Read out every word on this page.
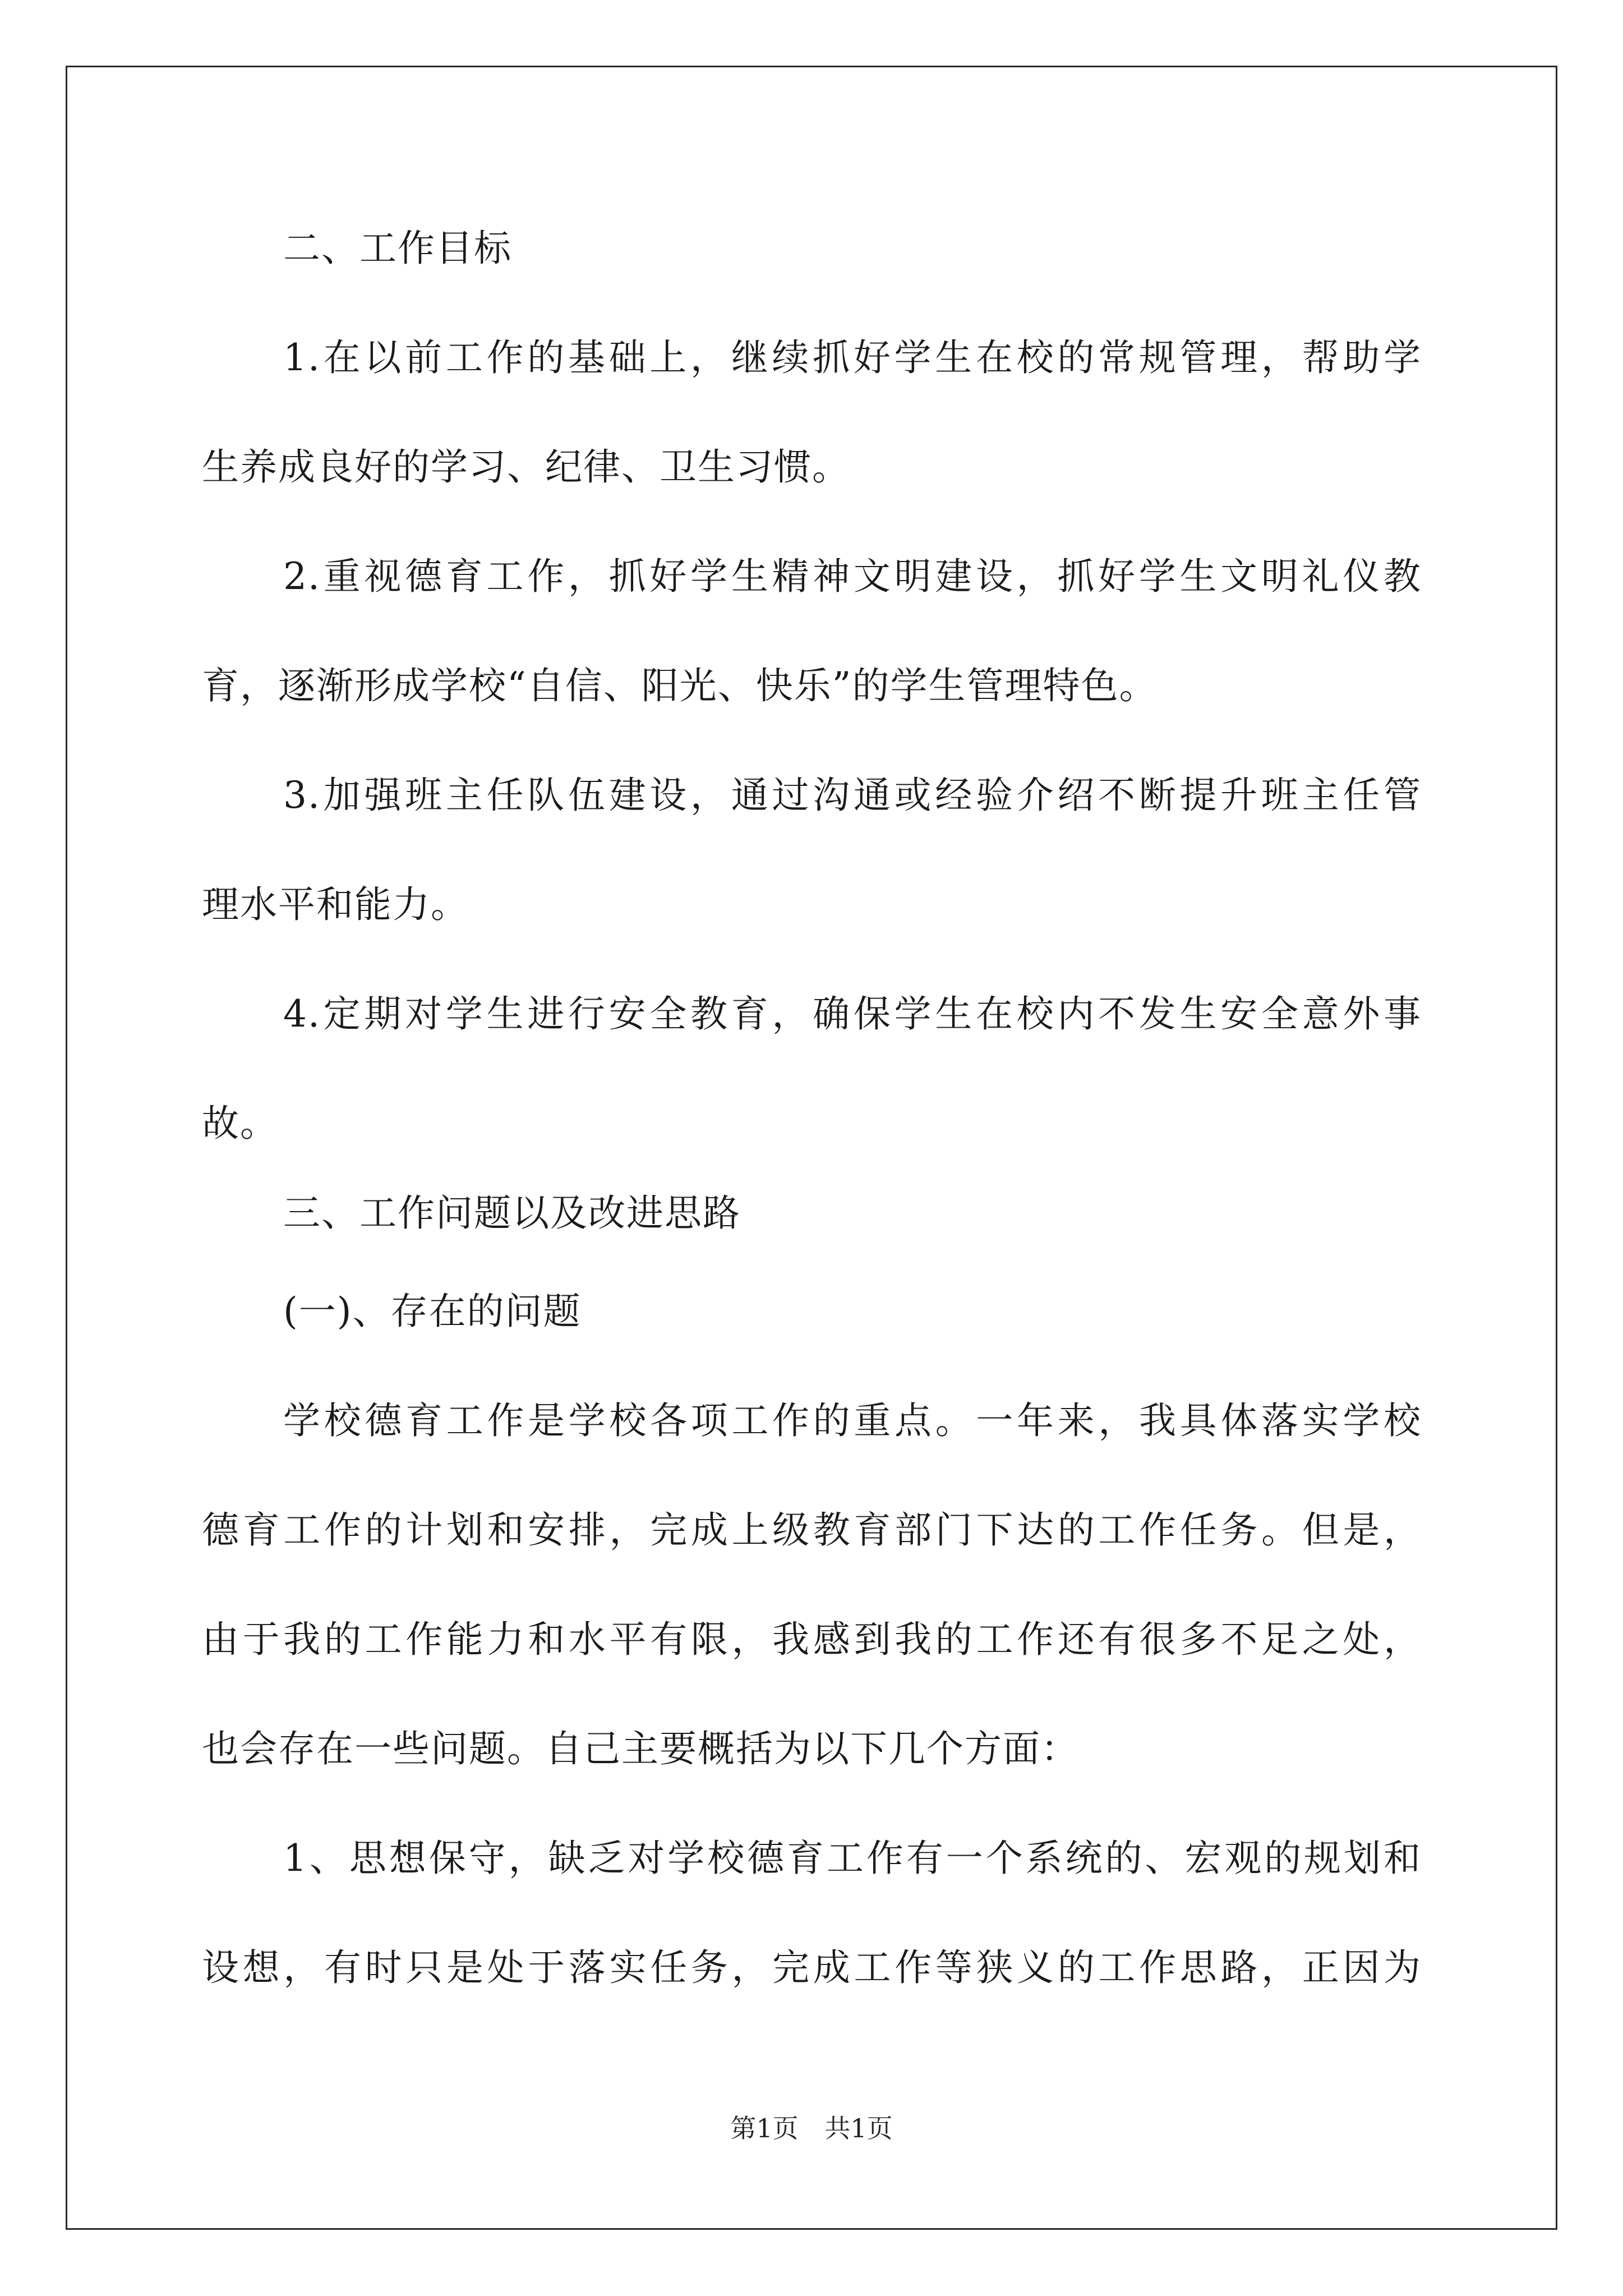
二、工作目标
1.在以前工作的基础上，继续抓好学生在校的常规管理，帮助学
生养成良好的学习、纪律、卫生习惯。
2.重视德育工作，抓好学生精神文明建设，抓好学生文明礼仪教
育，逐渐形成学校“自信、阳光、快乐”的学生管理特色。
3.加强班主任队伍建设，通过沟通或经验介绍不断提升班主任管
理水平和能力。
4.定期对学生进行安全教育，确保学生在校内不发生安全意外事
故。
三、工作问题以及改进思路
(一)、存在的问题
学校德育工作是学校各项工作的重点。一年来，我具体落实学校
德育工作的计划和安排，完成上级教育部门下达的工作任务。但是，
由于我的工作能力和水平有限，我感到我的工作还有很多不足之处，
也会存在一些问题。自己主要概括为以下几个方面：
1、思想保守，缺乏对学校德育工作有一个系统的、宏观的规划和
设想，有时只是处于落实任务，完成工作等狭义的工作思路，正因为
第1页 共1页
